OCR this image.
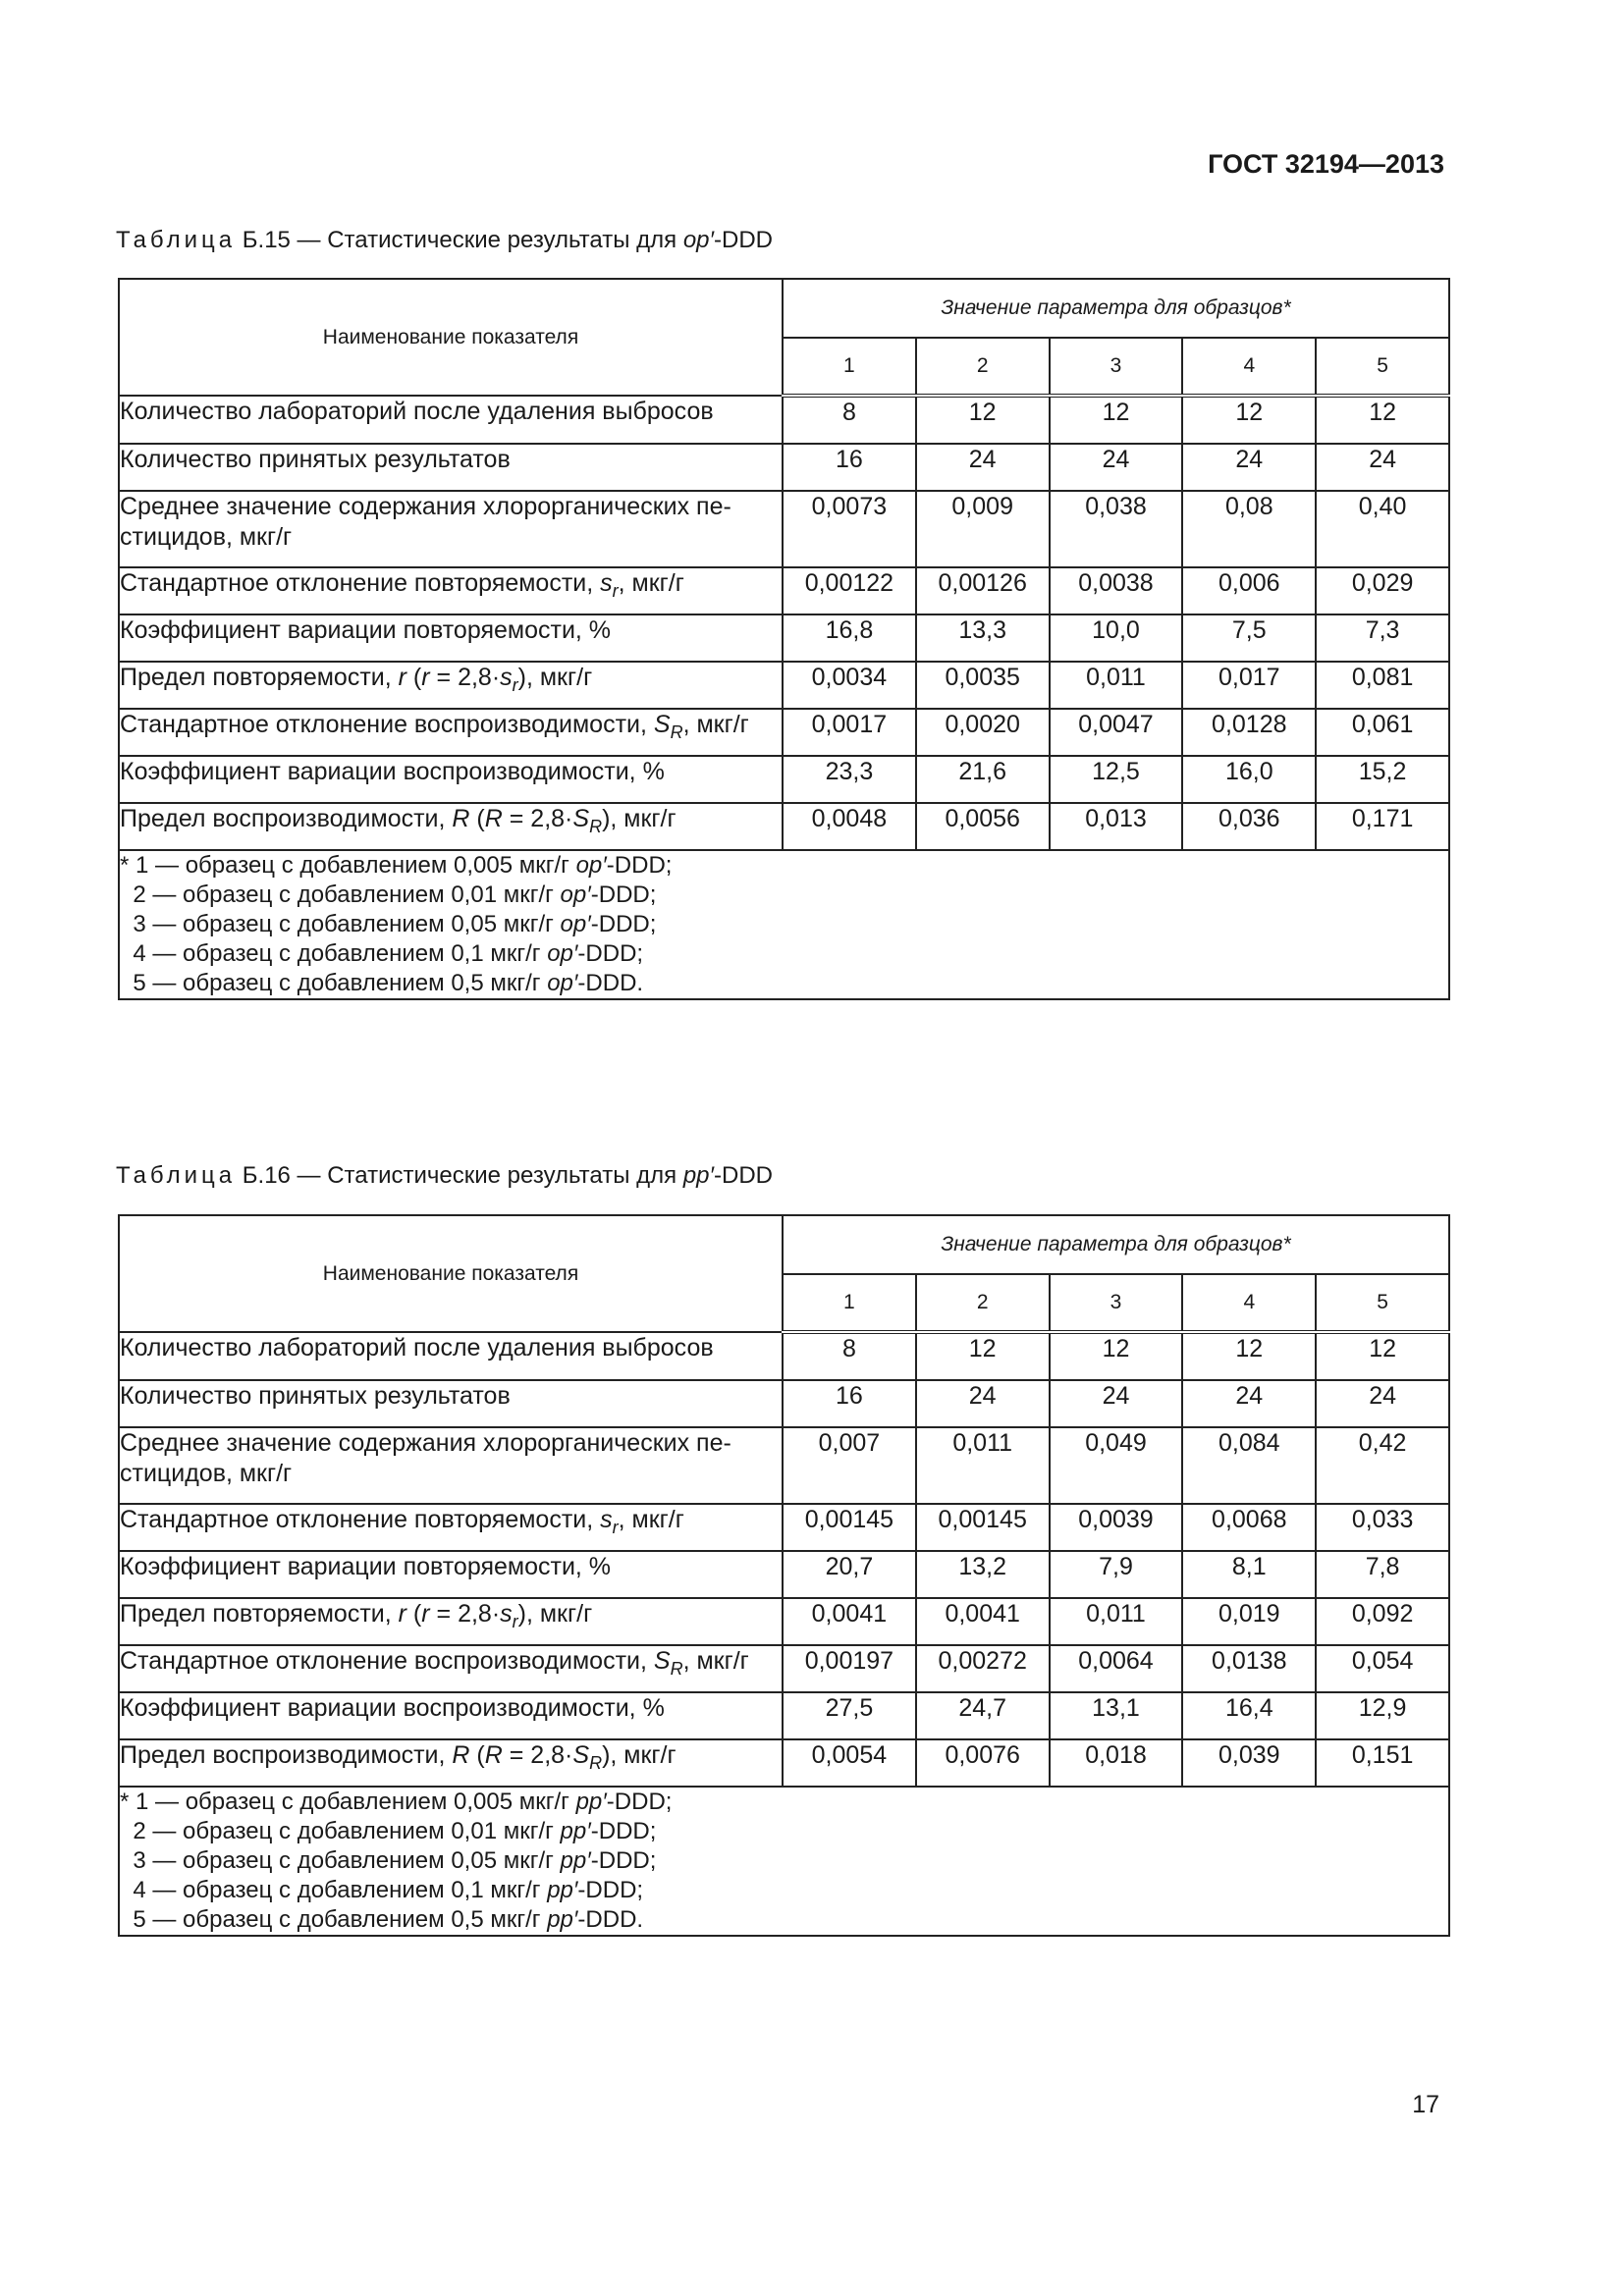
ГОСТ 32194—2013
Таблица Б.15 — Статистические результаты для op′-DDD
Наименование показателя	Значение параметра для образцов*				
	1	2	3	4	5
Количество лабораторий после удаления выбросов	8	12	12	12	12
Количество принятых результатов	16	24	24	24	24
Среднее значение содержания хлорорганических пе-
стицидов, мкг/г	0,0073	0,009	0,038	0,08	0,40
Стандартное отклонение повторяемости, $s_r$, мкг/г	0,00122	0,00126	0,0038	0,006	0,029
Коэффициент вариации повторяемости, %	16,8	13,3	10,0	7,5	7,3
Предел повторяемости, r $(r = 2,8\cdot s_r)$, мкг/г	0,0034	0,0035	0,011	0,017	0,081
Стандартное отклонение воспроизводимости, $S_R$, мкг/г	0,0017	0,0020	0,0047	0,0128	0,061
Коэффициент вариации воспроизводимости, %	23,3	21,6	12,5	16,0	15,2
Предел воспроизводимости, R $(R = 2,8\cdot S_R)$, мкг/г	0,0048	0,0056	0,013	0,036	0,171

* 1 — образец с добавлением 0,005 мкг/г op′-DDD;
2 — образец с добавлением 0,01 мкг/г op′-DDD;
3 — образец с добавлением 0,05 мкг/г op′-DDD;
4 — образец с добавлением 0,1 мкг/г op′-DDD;
5 — образец с добавлением 0,5 мкг/г op′-DDD.					
Таблица Б.16 — Статистические результаты для pp′-DDD
Наименование показателя	Значение параметра для образцов*				
	1	2	3	4	5
Количество лабораторий после удаления выбросов	8	12	12	12	12
Количество принятых результатов	16	24	24	24	24
Среднее значение содержания хлорорганических пе-
стицидов, мкг/г	0,007	0,011	0,049	0,084	0,42
Стандартное отклонение повторяемости, $s_r$, мкг/г	0,00145	0,00145	0,0039	0,0068	0,033
Коэффициент вариации повторяемости, %	20,7	13,2	7,9	8,1	7,8
Предел повторяемости, r $(r = 2,8\cdot s_r)$, мкг/г	0,0041	0,0041	0,011	0,019	0,092
Стандартное отклонение воспроизводимости, $S_R$, мкг/г	0,00197	0,00272	0,0064	0,0138	0,054
Коэффициент вариации воспроизводимости, %	27,5	24,7	13,1	16,4	12,9
Предел воспроизводимости, R $(R = 2,8\cdot S_R)$, мкг/г	0,0054	0,0076	0,018	0,039	0,151

* 1 — образец с добавлением 0,005 мкг/г pp′-DDD;
2 — образец с добавлением 0,01 мкг/г pp′-DDD;
3 — образец с добавлением 0,05 мкг/г pp′-DDD;
4 — образец с добавлением 0,1 мкг/г pp′-DDD;
5 — образец с добавлением 0,5 мкг/г pp′-DDD.					
17
